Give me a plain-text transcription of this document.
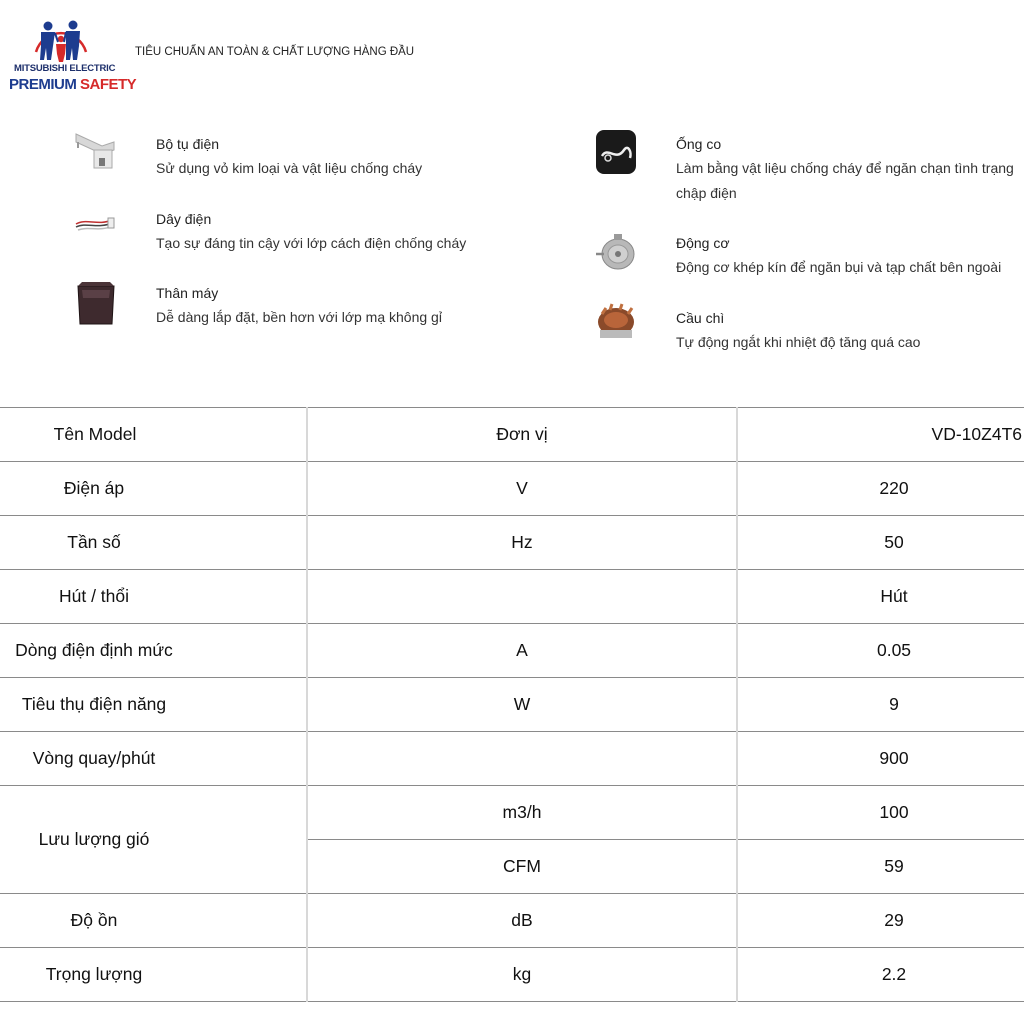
MITSUBISHI ELECTRIC
PREMIUM SAFETY
TIÊU CHUẨN AN TOÀN & CHẤT LƯỢNG HÀNG ĐẦU
Bộ tụ điện
Sử dụng vỏ kim loại và vật liệu chống cháy
Dây điện
Tạo sự đáng tin cậy với lớp cách điện chống cháy
Thân máy
Dễ dàng lắp đặt, bền hơn với lớp mạ không gỉ
Ống co
Làm bằng vật liệu chống cháy để ngăn chạn tình trạng
chập điện
Động cơ
Động cơ khép kín để ngăn bụi và tạp chất bên ngoài
Cầu chì
Tự động ngắt khi nhiệt độ tăng quá cao
Tên Model	Đơn vị	VD-10Z4T6
Điện áp	V	220
Tần số	Hz	50
Hút / thổi		Hút
Dòng điện định mức	A	0.05
Tiêu thụ điện năng	W	9
Vòng quay/phút		900
Lưu lượng gió	m3/h	100
	CFM	59
Độ ồn	dB	29
Trọng lượng	kg	2.2
